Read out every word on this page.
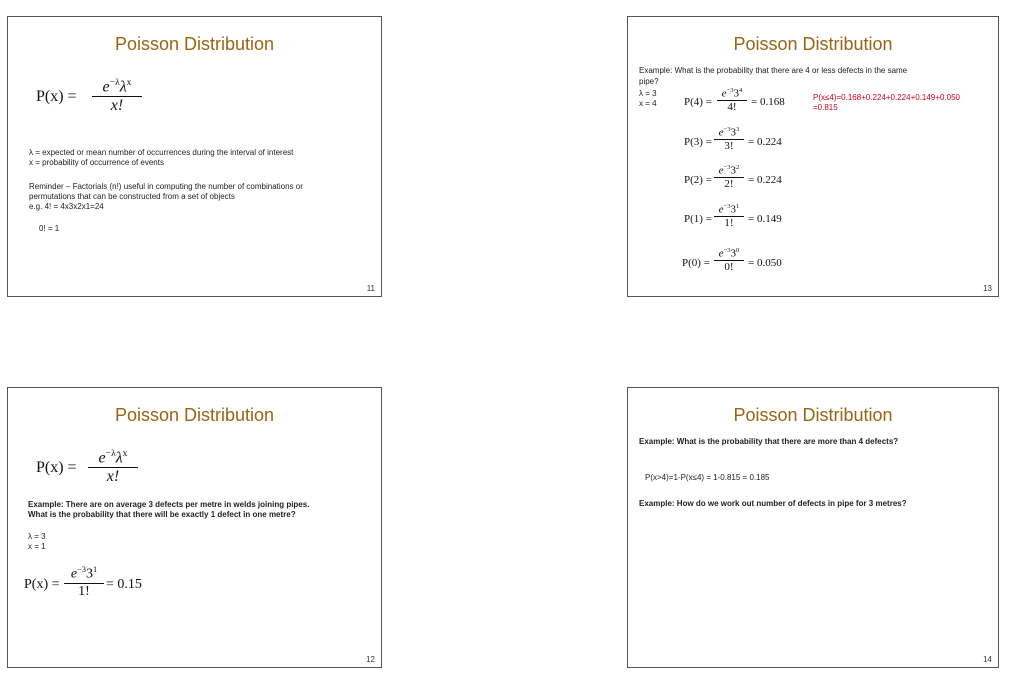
Poisson Distribution
P(x) =
$e^{-\lambda}\lambda^x$
x!
λ = expected or mean number of occurrences during the interval of interest
x = probability of occurrence of events
Reminder – Factorials (n!) useful in computing the number of combinations or
permutations that can be constructed from a set of objects
e.g. 4! = 4x3x2x1=24
0! = 1
11
Poisson Distribution
Example: What is the probability that there are 4 or less defects in the same
pipe?
λ = 3
x = 4 P(4) =
$e^{-3}3^4$
4!	= 0.168
P(3) =
$e^{-3}3^3$
3!	= 0.224
P(2) =
$e^{-3}3^2$
2!	= 0.224
P(1) =
$e^{-3}3^1$
1!	= 0.149
P(0) =
$e^{-3}3^0$
0!	= 0.050
P(x≤4)=0.168+0.224+0.224+0.149+0.050
=0.815
13
Poisson Distribution
P(x) =
$e^{-\lambda}\lambda^x$
x!
Example: There are on average 3 defects per metre in welds joining pipes.
What is the probability that there will be exactly 1 defect in one metre?
λ = 3
x = 1
P(x) =
$e^{-3}3^1$
1!	= 0.15
12
Poisson Distribution
Example: What is the probability that there are more than 4 defects?
P(x>4)=1-P(x≤4) = 1-0.815 = 0.185
Example: How do we work out number of defects in pipe for 3 metres?
14
